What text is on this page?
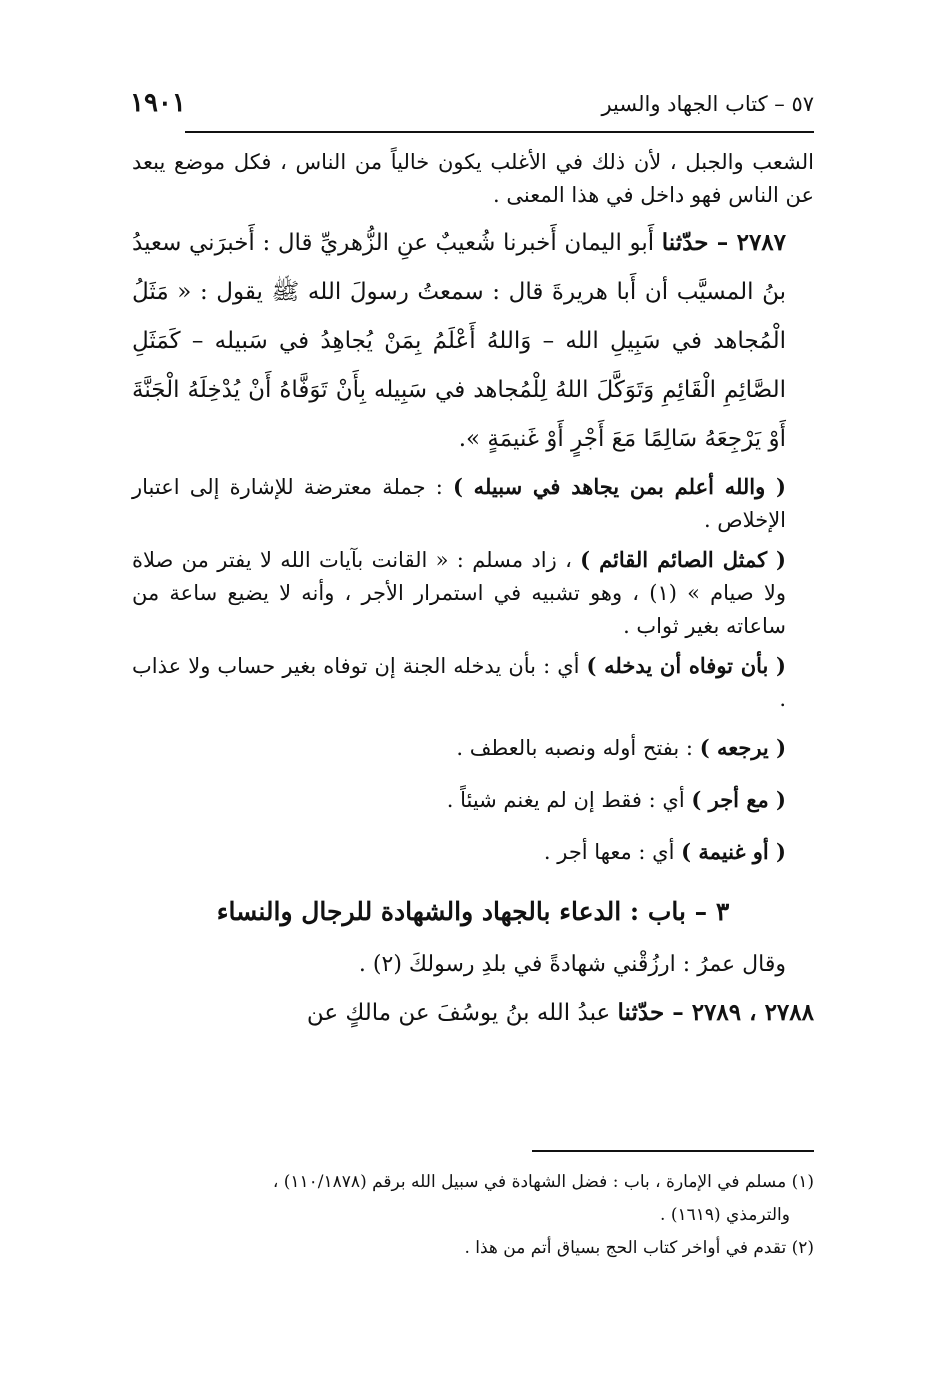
١٩٠١	٥٧ – كتاب الجهاد والسير

الشعب والجبل ، لأن ذلك في الأغلب يكون خالياً من الناس ، فكل موضع يبعد عن الناس فهو داخل في هذا المعنى .

٢٧٨٧ – حدّثنا أَبو اليمان أَخبرنا شُعيبٌ عنِ الزُّهريِّ قال : أَخبرَني سعيدُ بنُ المسيَّب أن أَبا هريرةَ قال : سمعتُ رسولَ الله ﷺ يقول : « مَثَلُ الْمُجاهد في سَبِيلِ الله – وَاللهُ أَعْلَمُ بِمَنْ يُجاهِدُ في سَبيله – كَمَثَلِ الصَّائِمِ الْقَائِمِ وَتَوَكَّلَ اللهُ لِلْمُجاهد في سَبِيله بِأَنْ تَوَفَّاهُ أَنْ يُدْخِلَهُ الْجَنَّةَ أَوْ يَرْجِعَهُ سَالِمًا مَعَ أَجْرٍ أَوْ غَنيمَةٍ ».

( والله أعلم بمن يجاهد في سبيله ) : جملة معترضة للإشارة إلى اعتبار الإخلاص .

( كمثل الصائم القائم ) ، زاد مسلم : « القانت بآيات الله لا يفتر من صلاة ولا صيام » (١) ، وهو تشبيه في استمرار الأجر ، وأنه لا يضيع ساعة من ساعاته بغير ثواب .

( بأن توفاه أن يدخله ) أي : بأن يدخله الجنة إن توفاه بغير حساب ولا عذاب .

( يرجعه ) : بفتح أوله ونصبه بالعطف .

( مع أجر ) أي : فقط إن لم يغنم شيئاً .

( أو غنيمة ) أي : معها أجر .

٣ – باب : الدعاء بالجهاد والشهادة للرجال والنساء

وقال عمرُ : ارزُقْني شهادةً في بلدِ رسولكَ (٢) .

٢٧٨٨ ، ٢٧٨٩ – حدّثنا عبدُ الله بنُ يوسُفَ عن مالكٍ عن

(١) مسلم في الإمارة ، باب : فضل الشهادة في سبيل الله برقم (١١٠/١٨٧٨) ،

والترمذي (١٦١٩) .

(٢) تقدم في أواخر كتاب الحج بسياق أتم من هذا .
